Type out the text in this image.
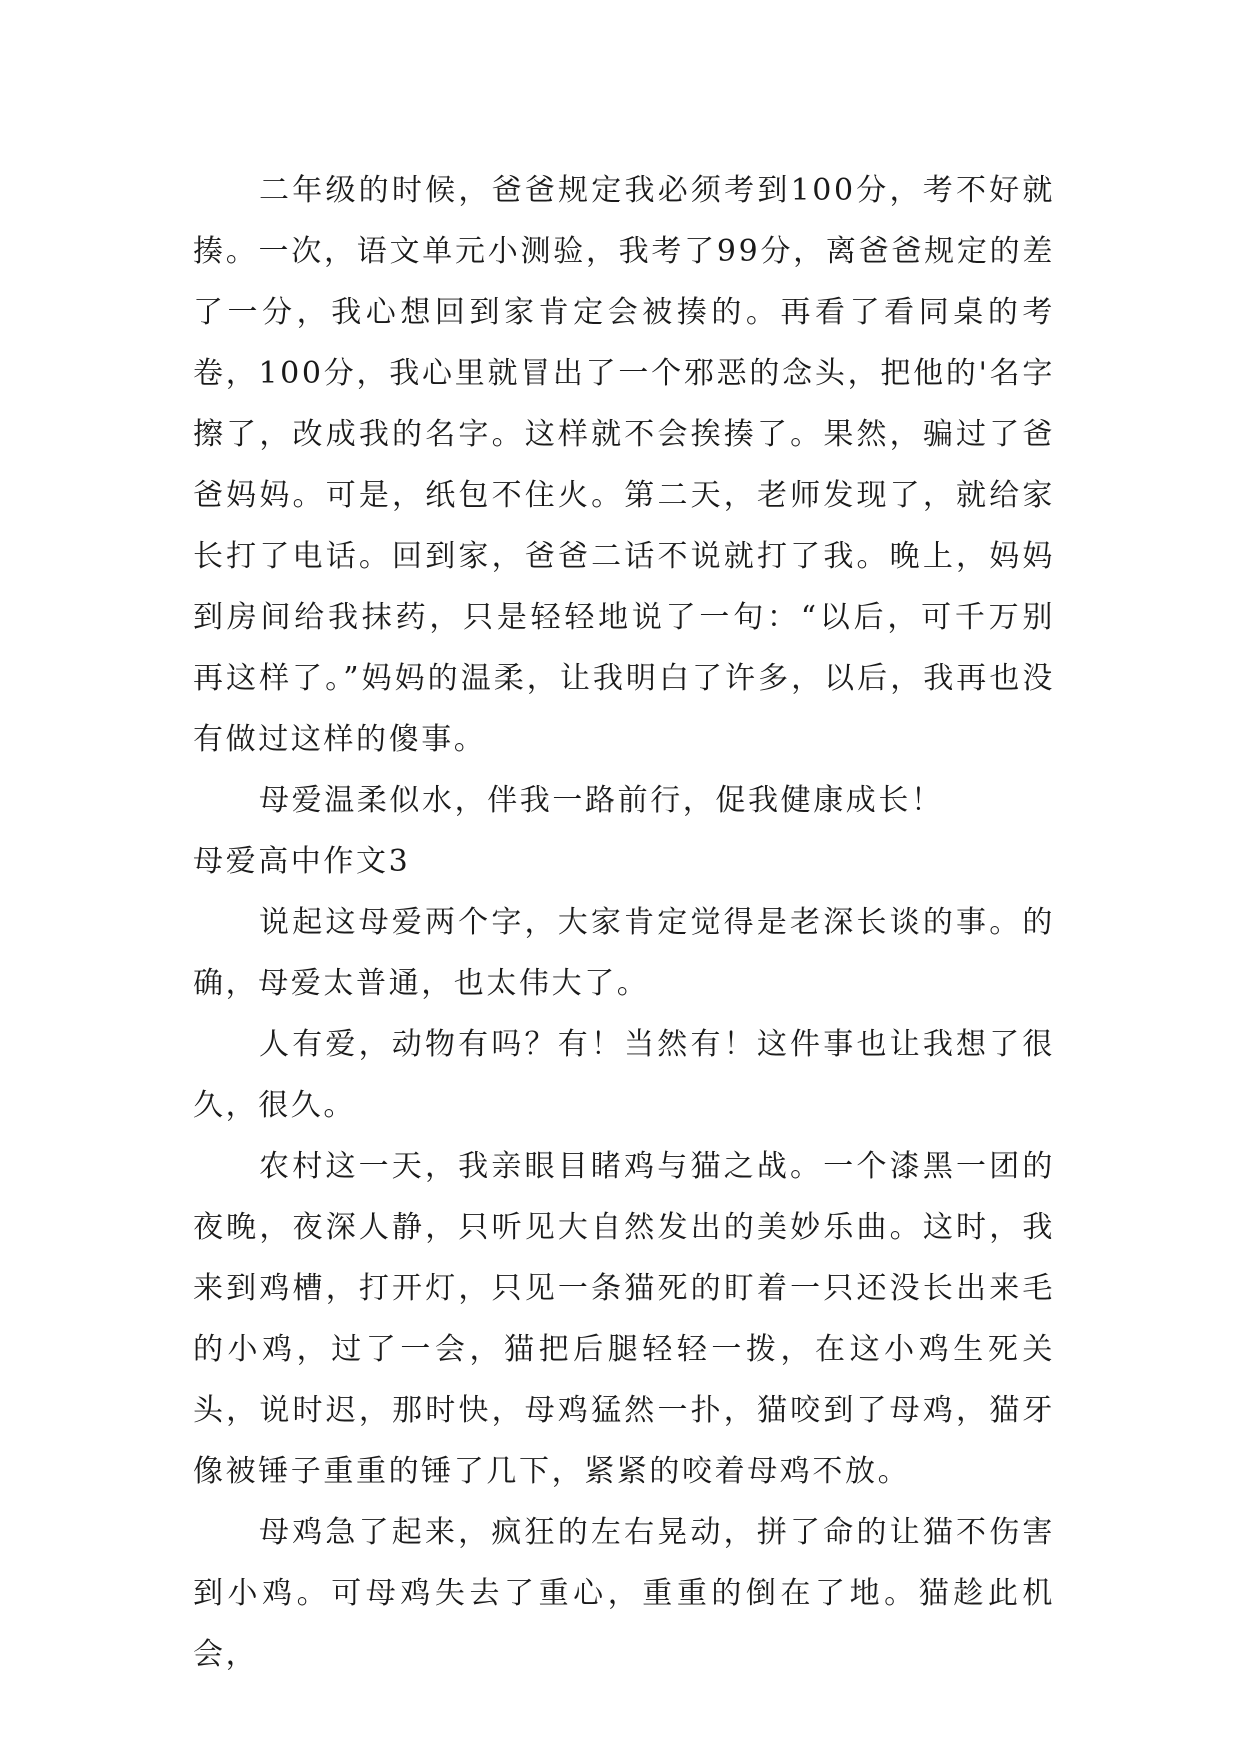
二年级的时候，爸爸规定我必须考到100分，考不好就揍。一次，语文单元小测验，我考了99分，离爸爸规定的差了一分，我心想回到家肯定会被揍的。再看了看同桌的考卷，100分，我心里就冒出了一个邪恶的念头，把他的'名字擦了，改成我的名字。这样就不会挨揍了。果然，骗过了爸爸妈妈。可是，纸包不住火。第二天，老师发现了，就给家长打了电话。回到家，爸爸二话不说就打了我。晚上，妈妈到房间给我抹药，只是轻轻地说了一句：“以后，可千万别再这样了。”妈妈的温柔，让我明白了许多，以后，我再也没有做过这样的傻事。

母爱温柔似水，伴我一路前行，促我健康成长！

母爱高中作文3

说起这母爱两个字，大家肯定觉得是老深长谈的事。的确，母爱太普通，也太伟大了。

人有爱，动物有吗？有！当然有！这件事也让我想了很久，很久。

农村这一天，我亲眼目睹鸡与猫之战。一个漆黑一团的夜晚，夜深人静，只听见大自然发出的美妙乐曲。这时，我来到鸡槽，打开灯，只见一条猫死的盯着一只还没长出来毛的小鸡，过了一会，猫把后腿轻轻一拨，在这小鸡生死关头，说时迟，那时快，母鸡猛然一扑，猫咬到了母鸡，猫牙像被锤子重重的锤了几下，紧紧的咬着母鸡不放。

母鸡急了起来，疯狂的左右晃动，拼了命的让猫不伤害到小鸡。可母鸡失去了重心，重重的倒在了地。猫趁此机会，
